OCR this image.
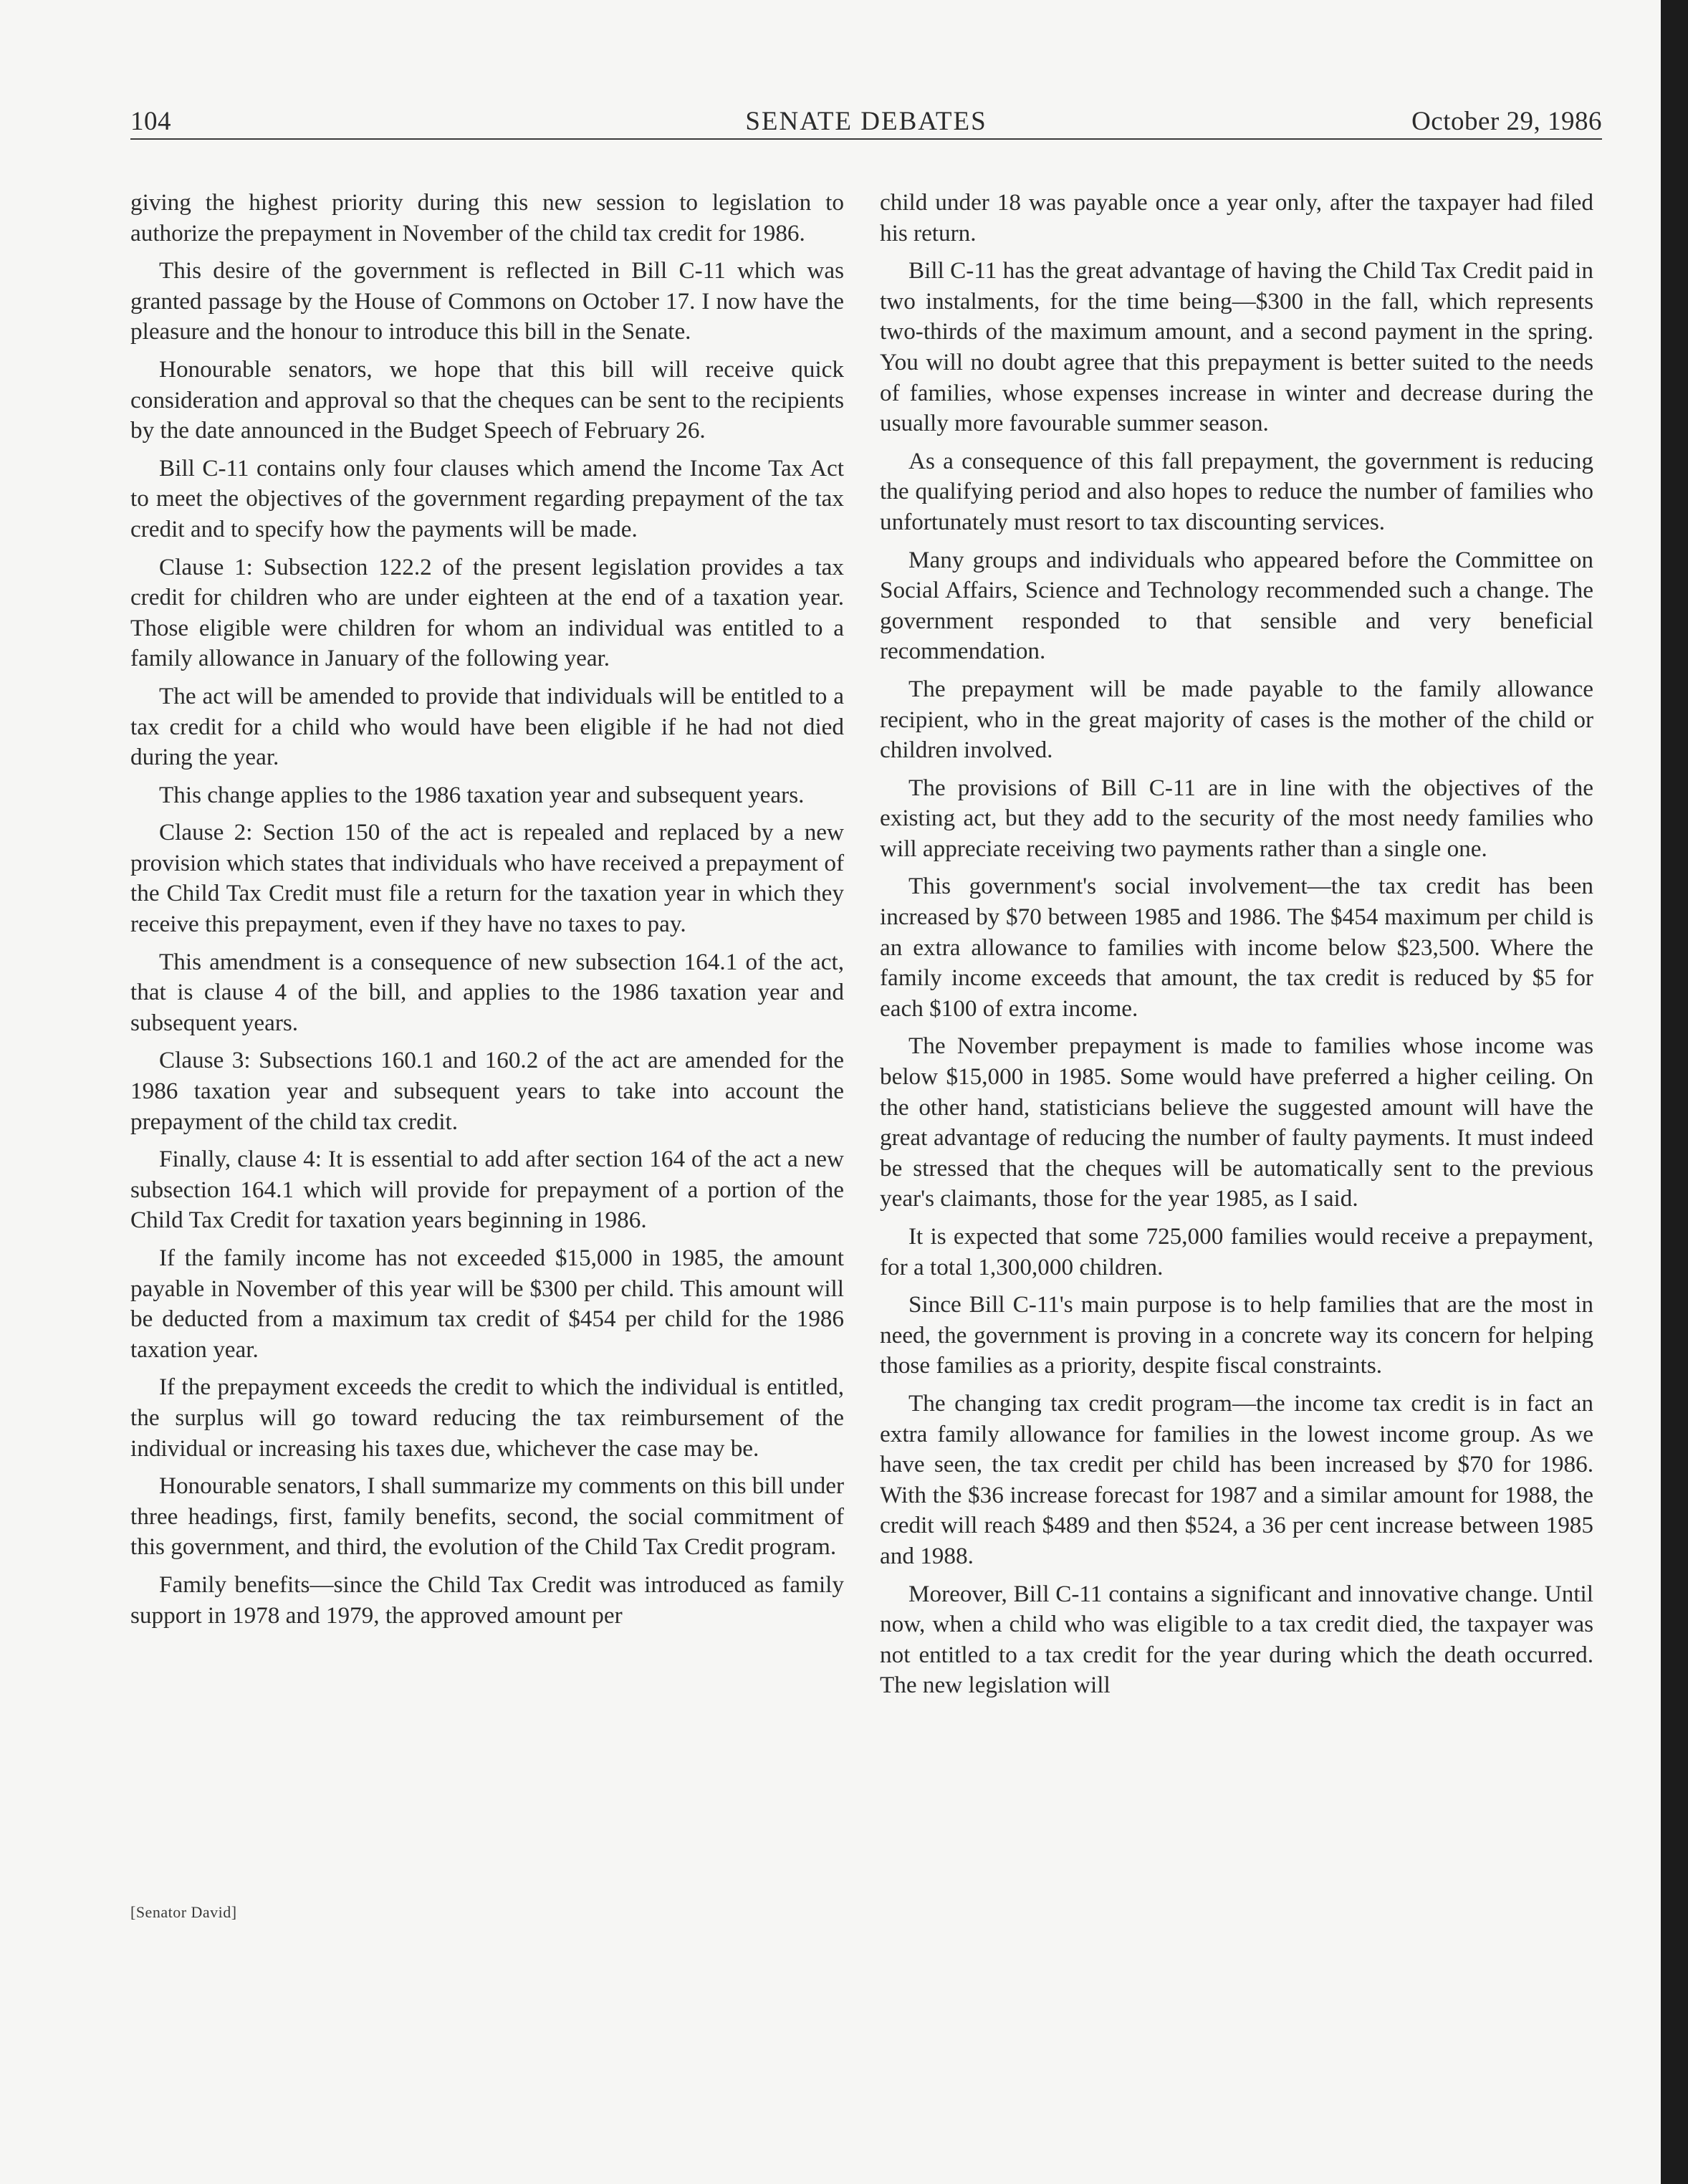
104	SENATE DEBATES	October 29, 1986

giving the highest priority during this new session to legislation to authorize the prepayment in November of the child tax credit for 1986.

This desire of the government is reflected in Bill C-11 which was granted passage by the House of Commons on October 17. I now have the pleasure and the honour to introduce this bill in the Senate.

Honourable senators, we hope that this bill will receive quick consideration and approval so that the cheques can be sent to the recipients by the date announced in the Budget Speech of February 26.

Bill C-11 contains only four clauses which amend the Income Tax Act to meet the objectives of the government regarding prepayment of the tax credit and to specify how the payments will be made.

Clause 1: Subsection 122.2 of the present legislation provides a tax credit for children who are under eighteen at the end of a taxation year. Those eligible were children for whom an individual was entitled to a family allowance in January of the following year.

The act will be amended to provide that individuals will be entitled to a tax credit for a child who would have been eligible if he had not died during the year.

This change applies to the 1986 taxation year and subsequent years.

Clause 2: Section 150 of the act is repealed and replaced by a new provision which states that individuals who have received a prepayment of the Child Tax Credit must file a return for the taxation year in which they receive this prepayment, even if they have no taxes to pay.

This amendment is a consequence of new subsection 164.1 of the act, that is clause 4 of the bill, and applies to the 1986 taxation year and subsequent years.

Clause 3: Subsections 160.1 and 160.2 of the act are amended for the 1986 taxation year and subsequent years to take into account the prepayment of the child tax credit.

Finally, clause 4: It is essential to add after section 164 of the act a new subsection 164.1 which will provide for prepayment of a portion of the Child Tax Credit for taxation years beginning in 1986.

If the family income has not exceeded $15,000 in 1985, the amount payable in November of this year will be $300 per child. This amount will be deducted from a maximum tax credit of $454 per child for the 1986 taxation year.

If the prepayment exceeds the credit to which the individual is entitled, the surplus will go toward reducing the tax reimbursement of the individual or increasing his taxes due, whichever the case may be.

Honourable senators, I shall summarize my comments on this bill under three headings, first, family benefits, second, the social commitment of this government, and third, the evolution of the Child Tax Credit program.

Family benefits—since the Child Tax Credit was introduced as family support in 1978 and 1979, the approved amount per

child under 18 was payable once a year only, after the taxpayer had filed his return.

Bill C-11 has the great advantage of having the Child Tax Credit paid in two instalments, for the time being—$300 in the fall, which represents two-thirds of the maximum amount, and a second payment in the spring. You will no doubt agree that this prepayment is better suited to the needs of families, whose expenses increase in winter and decrease during the usually more favourable summer season.

As a consequence of this fall prepayment, the government is reducing the qualifying period and also hopes to reduce the number of families who unfortunately must resort to tax discounting services.

Many groups and individuals who appeared before the Committee on Social Affairs, Science and Technology recommended such a change. The government responded to that sensible and very beneficial recommendation.

The prepayment will be made payable to the family allowance recipient, who in the great majority of cases is the mother of the child or children involved.

The provisions of Bill C-11 are in line with the objectives of the existing act, but they add to the security of the most needy families who will appreciate receiving two payments rather than a single one.

This government's social involvement—the tax credit has been increased by $70 between 1985 and 1986. The $454 maximum per child is an extra allowance to families with income below $23,500. Where the family income exceeds that amount, the tax credit is reduced by $5 for each $100 of extra income.

The November prepayment is made to families whose income was below $15,000 in 1985. Some would have preferred a higher ceiling. On the other hand, statisticians believe the suggested amount will have the great advantage of reducing the number of faulty payments. It must indeed be stressed that the cheques will be automatically sent to the previous year's claimants, those for the year 1985, as I said.

It is expected that some 725,000 families would receive a prepayment, for a total 1,300,000 children.

Since Bill C-11's main purpose is to help families that are the most in need, the government is proving in a concrete way its concern for helping those families as a priority, despite fiscal constraints.

The changing tax credit program—the income tax credit is in fact an extra family allowance for families in the lowest income group. As we have seen, the tax credit per child has been increased by $70 for 1986. With the $36 increase forecast for 1987 and a similar amount for 1988, the credit will reach $489 and then $524, a 36 per cent increase between 1985 and 1988.

Moreover, Bill C-11 contains a significant and innovative change. Until now, when a child who was eligible to a tax credit died, the taxpayer was not entitled to a tax credit for the year during which the death occurred. The new legislation will

[Senator David]
